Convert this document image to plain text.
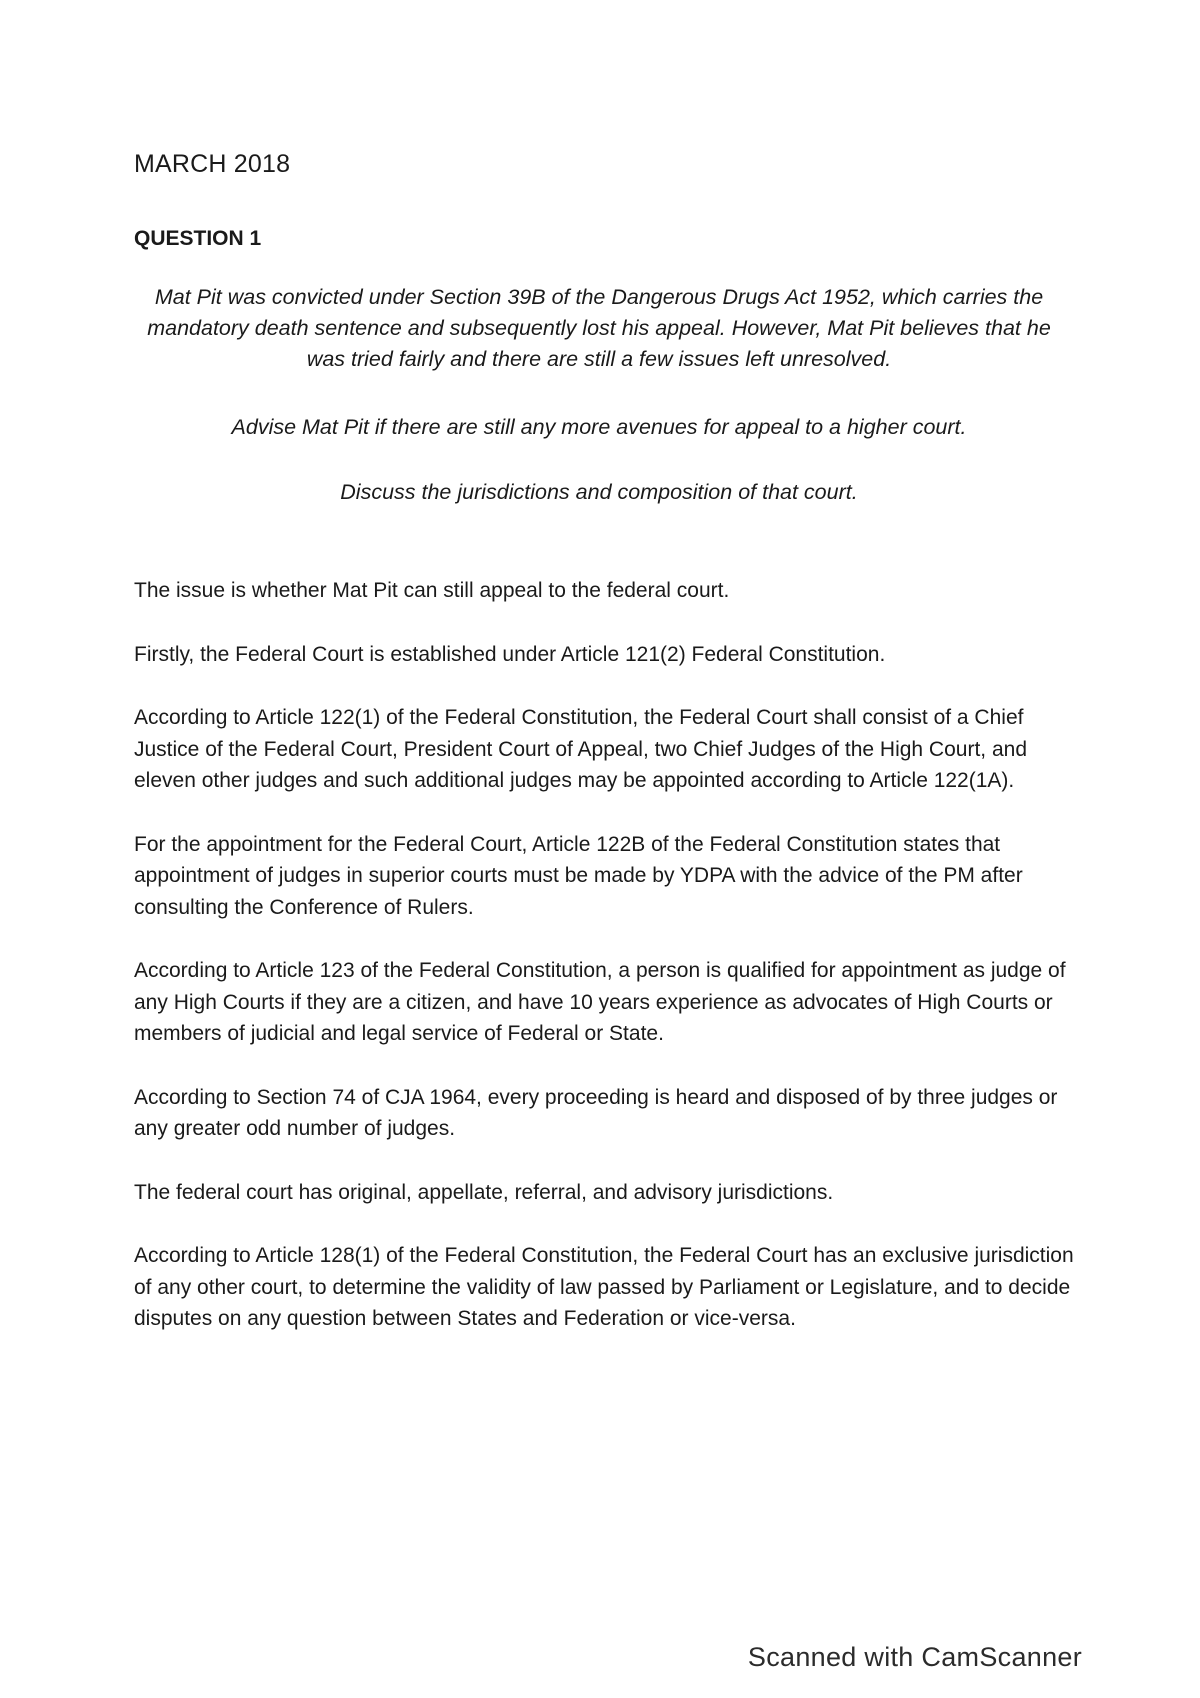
MARCH 2018
QUESTION 1
Mat Pit was convicted under Section 39B of the Dangerous Drugs Act 1952, which carries the mandatory death sentence and subsequently lost his appeal. However, Mat Pit believes that he was tried fairly and there are still a few issues left unresolved.
Advise Mat Pit if there are still any more avenues for appeal to a higher court.
Discuss the jurisdictions and composition of that court.

The issue is whether Mat Pit can still appeal to the federal court.

Firstly, the Federal Court is established under Article 121(2) Federal Constitution.

According to Article 122(1) of the Federal Constitution, the Federal Court shall consist of a Chief Justice of the Federal Court, President Court of Appeal, two Chief Judges of the High Court, and eleven other judges and such additional judges may be appointed according to Article 122(1A).

For the appointment for the Federal Court, Article 122B of the Federal Constitution states that appointment of judges in superior courts must be made by YDPA with the advice of the PM after consulting the Conference of Rulers.

According to Article 123 of the Federal Constitution, a person is qualified for appointment as judge of any High Courts if they are a citizen, and have 10 years experience as advocates of High Courts or members of judicial and legal service of Federal or State.

According to Section 74 of CJA 1964, every proceeding is heard and disposed of by three judges or any greater odd number of judges.

The federal court has original, appellate, referral, and advisory jurisdictions.

According to Article 128(1) of the Federal Constitution, the Federal Court has an exclusive jurisdiction of any other court, to determine the validity of law passed by Parliament or Legislature, and to decide disputes on any question between States and Federation or vice-versa.

Scanned with CamScanner
